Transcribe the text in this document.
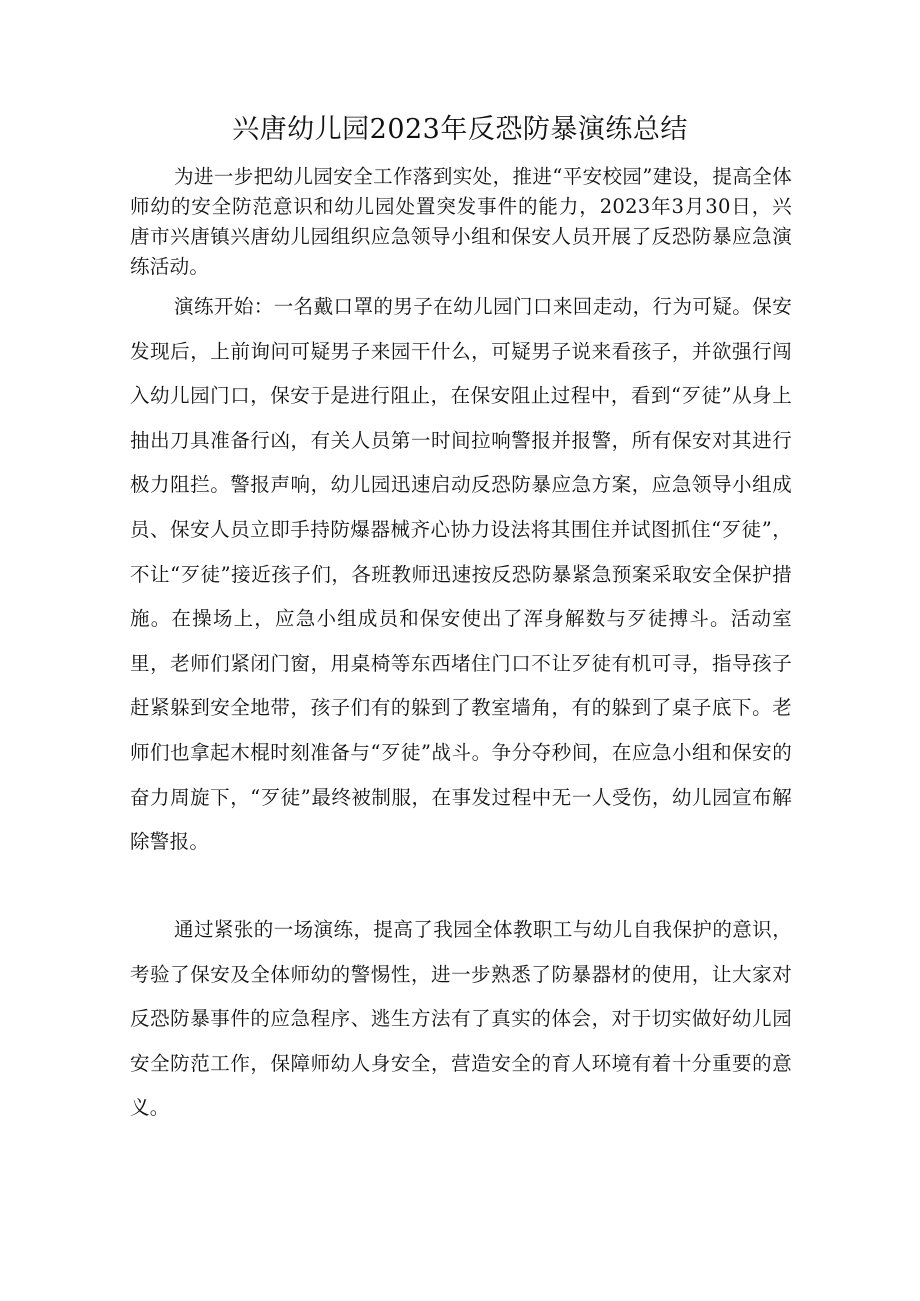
兴唐幼儿园2023年反恐防暴演练总结

为进一步把幼儿园安全工作落到实处，推进“平安校园”建设，提高全体师幼的安全防范意识和幼儿园处置突发事件的能力，2023年3月30日，兴唐市兴唐镇兴唐幼儿园组织应急领导小组和保安人员开展了反恐防暴应急演练活动。

演练开始：一名戴口罩的男子在幼儿园门口来回走动，行为可疑。保安发现后，上前询问可疑男子来园干什么，可疑男子说来看孩子，并欲强行闯入幼儿园门口，保安于是进行阻止，在保安阻止过程中，看到“歹徒”从身上抽出刀具准备行凶，有关人员第一时间拉响警报并报警，所有保安对其进行极力阻拦。警报声响，幼儿园迅速启动反恐防暴应急方案，应急领导小组成员、保安人员立即手持防爆器械齐心协力设法将其围住并试图抓住“歹徒”，不让“歹徒”接近孩子们，各班教师迅速按反恐防暴紧急预案采取安全保护措施。在操场上，应急小组成员和保安使出了浑身解数与歹徒搏斗。活动室里，老师们紧闭门窗，用桌椅等东西堵住门口不让歹徒有机可寻，指导孩子赶紧躲到安全地带，孩子们有的躲到了教室墙角，有的躲到了桌子底下。老师们也拿起木棍时刻准备与“歹徒”战斗。争分夺秒间，在应急小组和保安的奋力周旋下，“歹徒”最终被制服，在事发过程中无一人受伤，幼儿园宣布解除警报。

通过紧张的一场演练，提高了我园全体教职工与幼儿自我保护的意识，考验了保安及全体师幼的警惕性，进一步熟悉了防暴器材的使用，让大家对反恐防暴事件的应急程序、逃生方法有了真实的体会，对于切实做好幼儿园安全防范工作，保障师幼人身安全，营造安全的育人环境有着十分重要的意义。
